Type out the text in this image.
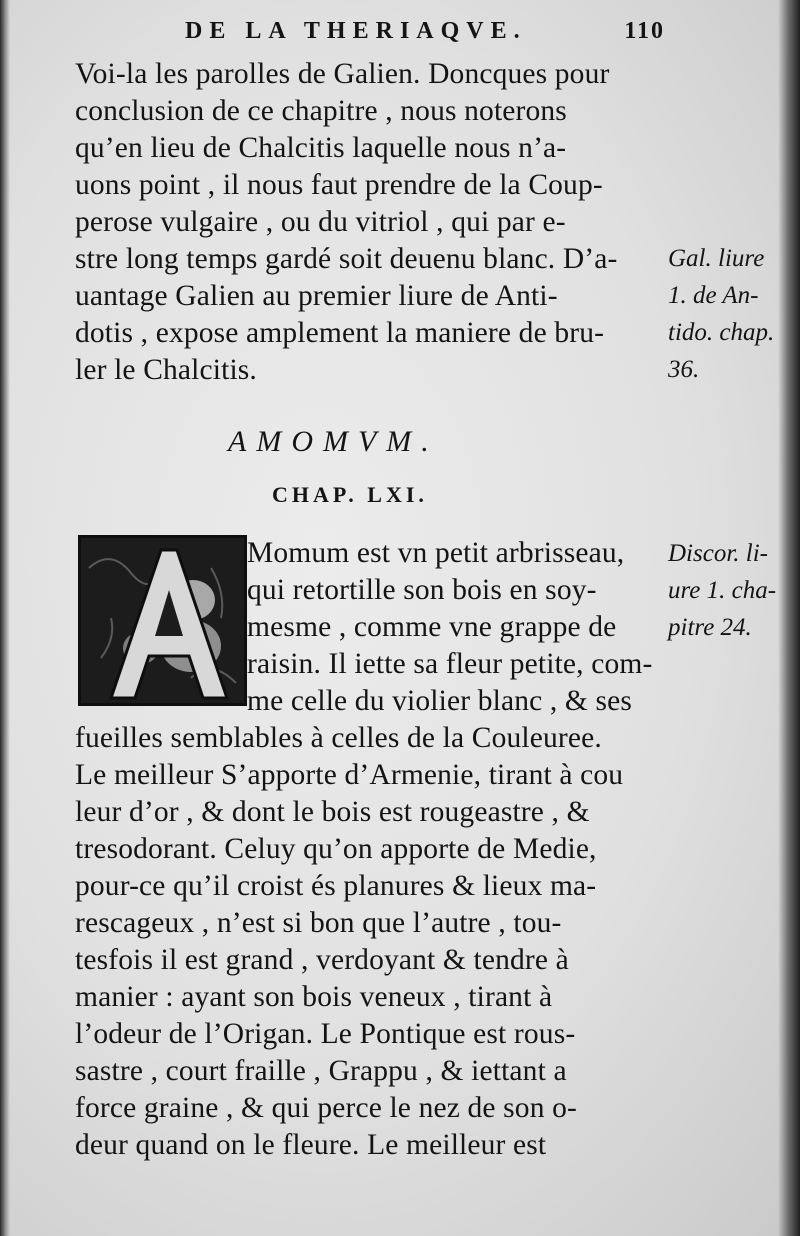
DE LA THERIAQVE.	110
Voi-la les parolles de Galien. Doncques pour
conclusion de ce chapitre , nous noterons
qu’en lieu de Chalcitis laquelle nous n’a-
uons point , il nous faut prendre de la Coup-
perose vulgaire , ou du vitriol , qui par e-
stre long temps gardé soit deuenu blanc. D’a-
uantage Galien au premier liure de Anti-
dotis , expose amplement la maniere de bru-
ler le Chalcitis.
Gal. liure
1. de An-
tido. chap.
36.
AMOMVM.
CHAP. LXI.
Momum est vn petit arbrisseau,
qui retortille son bois en soy-
mesme , comme vne grappe de
raisin. Il iette sa fleur petite, com-
me celle du violier blanc , & ses
fueilles semblables à celles de la Couleuree.
Le meilleur S’apporte d’Armenie, tirant à cou
leur d’or , & dont le bois est rougeastre , &
tresodorant. Celuy qu’on apporte de Medie,
pour-ce qu’il croist és planures & lieux ma-
rescageux , n’est si bon que l’autre , tou-
tesfois il est grand , verdoyant & tendre à
manier : ayant son bois veneux , tirant à
l’odeur de l’Origan. Le Pontique est rous-
sastre , court fraille , Grappu , & iettant a
force graine , & qui perce le nez de son o-
deur quand on le fleure. Le meilleur est
Discor. li-
ure 1. cha-
pitre 24.
